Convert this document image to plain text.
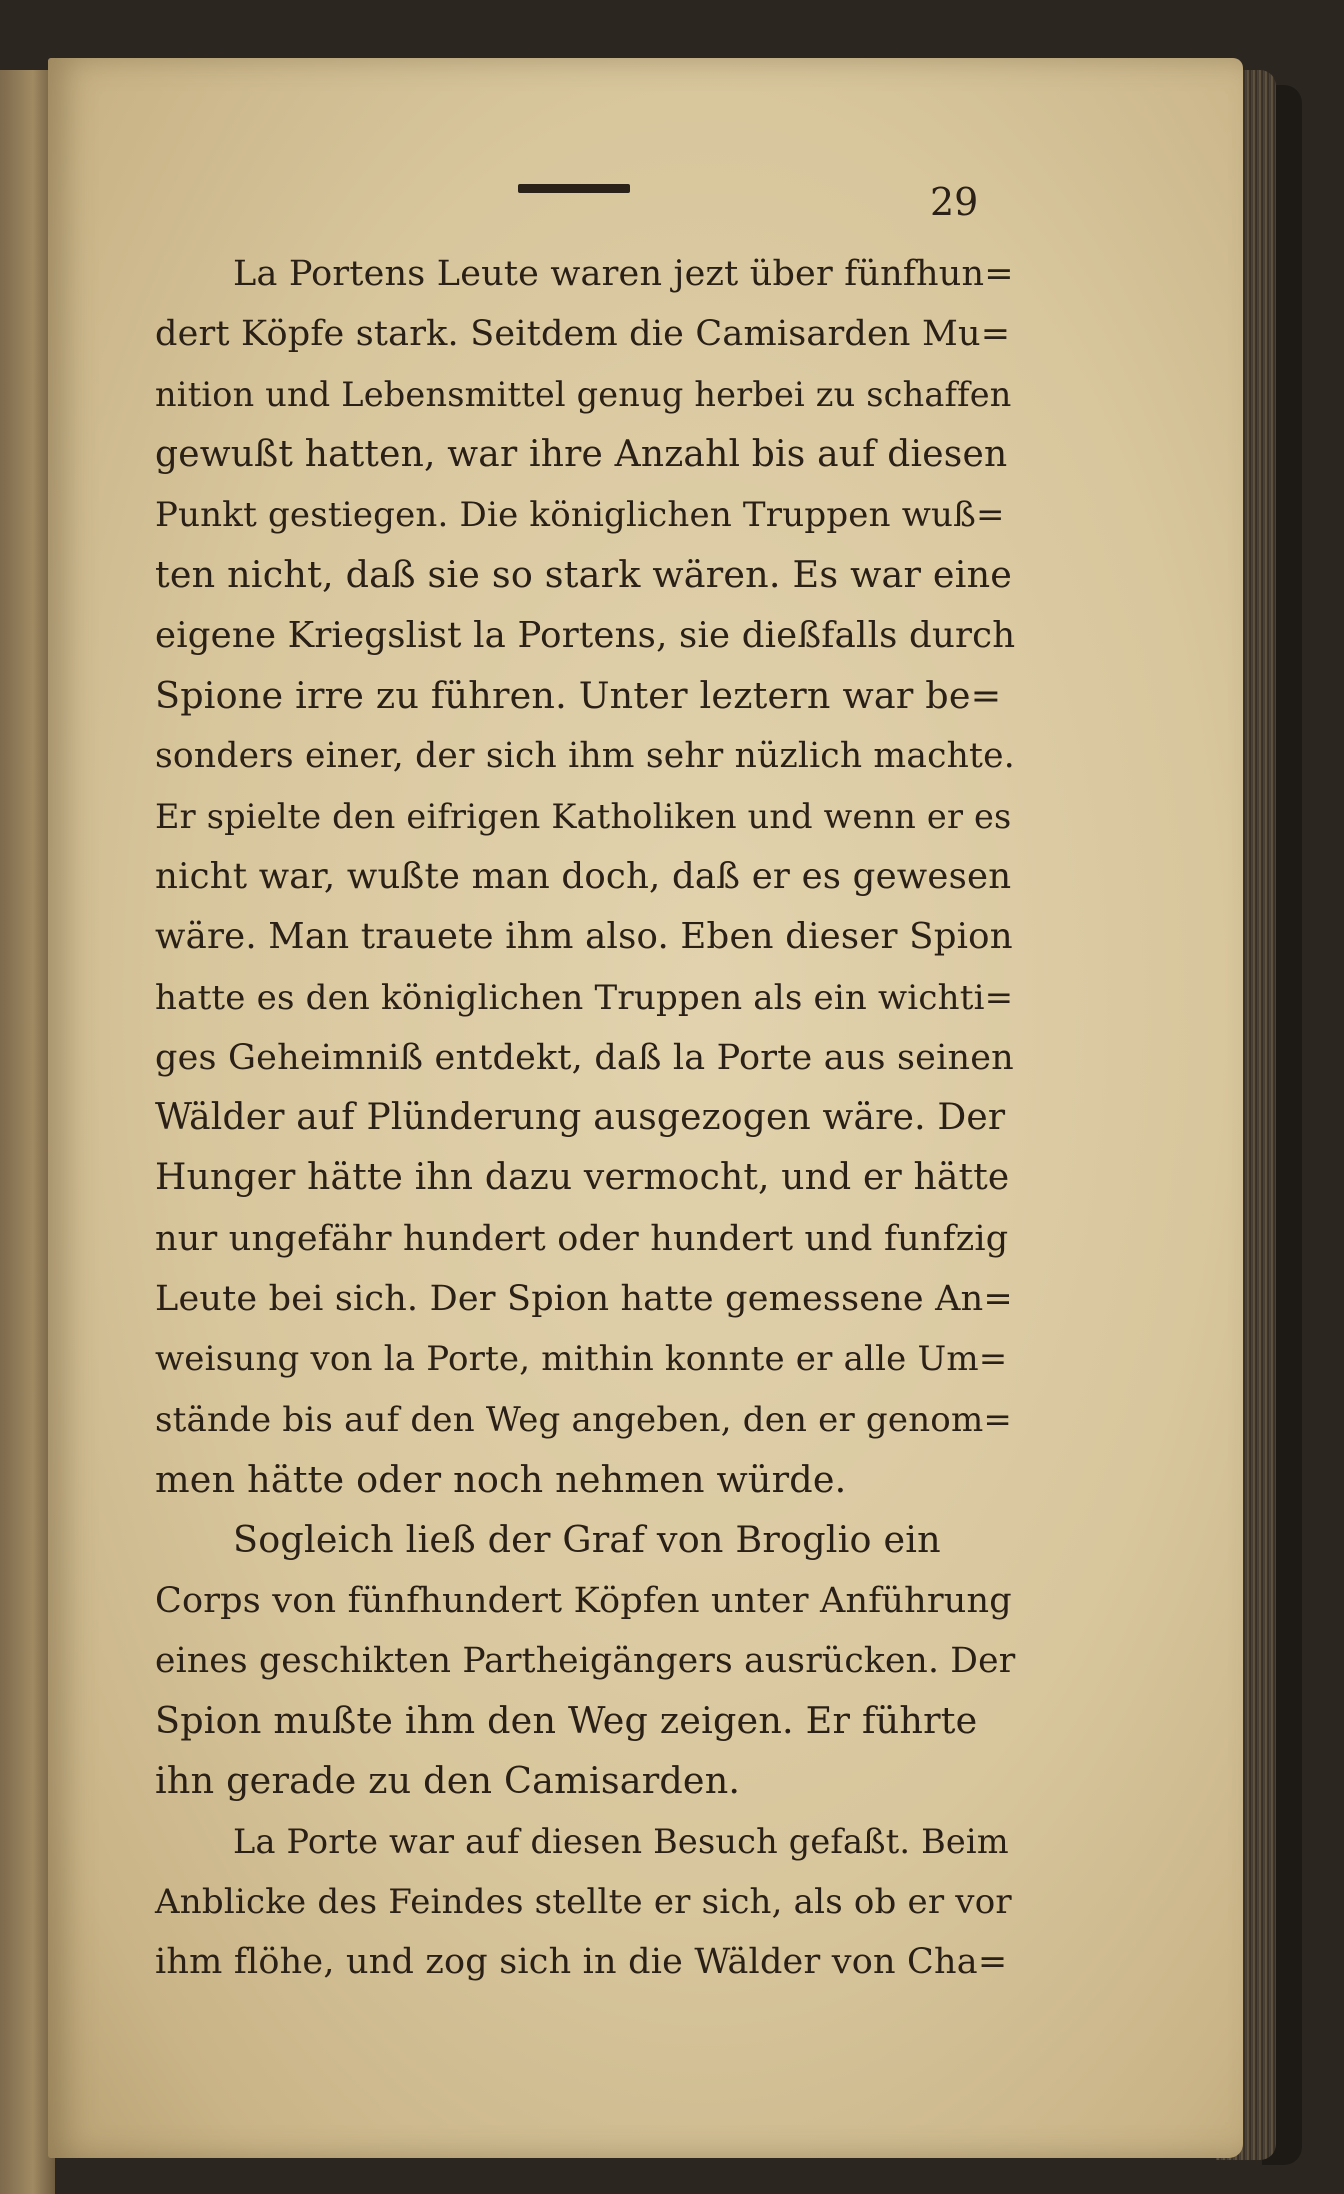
29
La Portens Leute waren jezt über fünfhun=
dert Köpfe stark. Seitdem die Camisarden Mu=
nition und Lebensmittel genug herbei zu schaffen
gewußt hatten, war ihre Anzahl bis auf diesen
Punkt gestiegen. Die königlichen Truppen wuß=
ten nicht, daß sie so stark wären. Es war eine
eigene Kriegslist la Portens, sie dießfalls durch
Spione irre zu führen. Unter leztern war be=
sonders einer, der sich ihm sehr nüzlich machte.
Er spielte den eifrigen Katholiken und wenn er es
nicht war, wußte man doch, daß er es gewesen
wäre. Man trauete ihm also. Eben dieser Spion
hatte es den königlichen Truppen als ein wichti=
ges Geheimniß entdekt, daß la Porte aus seinen
Wälder auf Plünderung ausgezogen wäre. Der
Hunger hätte ihn dazu vermocht, und er hätte
nur ungefähr hundert oder hundert und funfzig
Leute bei sich. Der Spion hatte gemessene An=
weisung von la Porte, mithin konnte er alle Um=
stände bis auf den Weg angeben, den er genom=
men hätte oder noch nehmen würde.
Sogleich ließ der Graf von Broglio ein
Corps von fünfhundert Köpfen unter Anführung
eines geschikten Partheigängers ausrücken. Der
Spion mußte ihm den Weg zeigen. Er führte
ihn gerade zu den Camisarden.
La Porte war auf diesen Besuch gefaßt. Beim
Anblicke des Feindes stellte er sich, als ob er vor
ihm flöhe, und zog sich in die Wälder von Cha=
